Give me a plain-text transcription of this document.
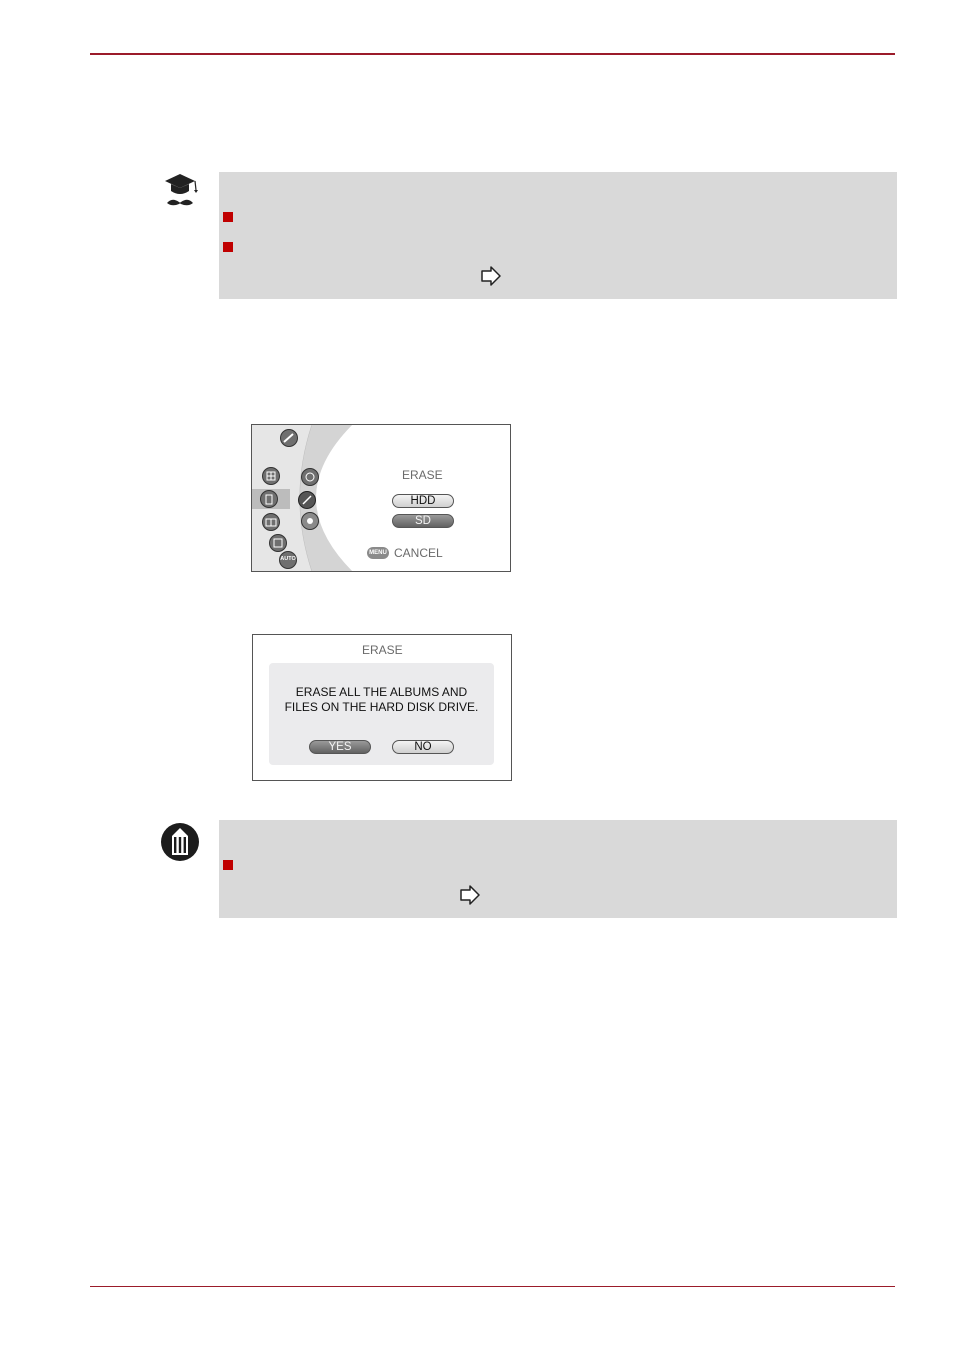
AUTO
ERASE
HDD
SD
MENU CANCEL
ERASE
ERASE ALL THE ALBUMS AND
FILES ON THE HARD DISK DRIVE.
YES	NO
